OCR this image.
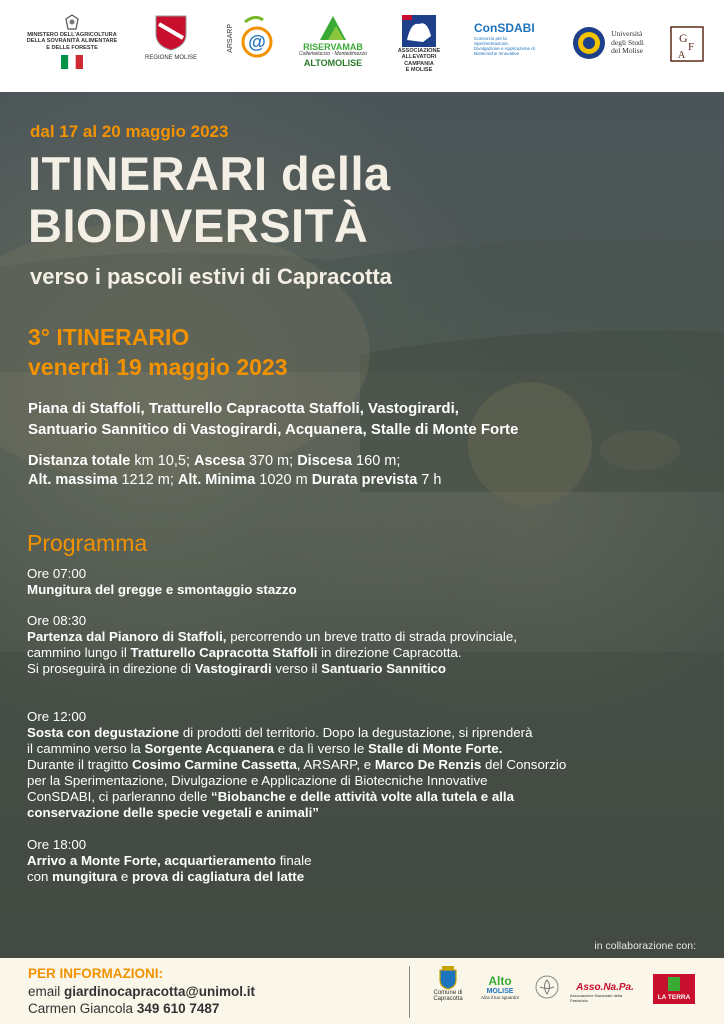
MINISTERO DELL'AGRICOLTURA
DELLA SOVRANITÀ ALIMENTARE
E DELLE FORESTE
REGIONE MOLISE
ARSARP @	RISERVAMAB
Collemeluccio · Montedimezzo
ALTOMOLISE
ASSOCIAZIONE
ALLEVATORI
CAMPANIA
E MOLISE
ConSDABI
Consorzio per la Sperimentazione, Divulgazione e Applicazione di Biotecniche Innovative
Università
degli Studi
del Molise
G
F
A
dal 17 al 20 maggio 2023
ITINERARI della
BIODIVERSITÀ
verso i pascoli estivi di Capracotta
3° ITINERARIO
venerdì 19 maggio 2023
Piana di Staffoli, Tratturello Capracotta Staffoli, Vastogirardi,
Santuario Sannitico di Vastogirardi, Acquanera, Stalle di Monte Forte
Distanza totale km 10,5; Ascesa 370 m; Discesa 160 m;
Alt. massima 1212 m; Alt. Minima 1020 m Durata prevista 7 h
Programma
Ore 07:00
Mungitura del gregge e smontaggio stazzo
Ore 08:30
Partenza dal Pianoro di Staffoli, percorrendo un breve tratto di strada provinciale,
cammino lungo il Tratturello Capracotta Staffoli in direzione Capracotta.
Si proseguirà in direzione di Vastogirardi verso il Santuario Sannitico
Ore 12:00
Sosta con degustazione di prodotti del territorio. Dopo la degustazione, si riprenderà
il cammino verso la Sorgente Acquanera e da lì verso le Stalle di Monte Forte.
Durante il tragitto Cosimo Carmine Cassetta, ARSARP, e Marco De Renzis del Consorzio
per la Sperimentazione, Divulgazione e Applicazione di Biotecniche Innovative
ConSDABI, ci parleranno delle “Biobanche e delle attività volte alla tutela e alla
conservazione delle specie vegetali e animali”
Ore 18:00
Arrivo a Monte Forte, acquartieramento finale
con mungitura e prova di cagliatura del latte
in collaborazione con:
PER INFORMAZIONI:
email giardinocapracotta@unimol.it
Carmen Giancola 349 610 7487
Comune di
Capracotta
Alto
MOLISE
Alza il tuo sguardo!
Asso.Na.Pa.
Associazione Nazionale della Pastorizia	LA TERRA
